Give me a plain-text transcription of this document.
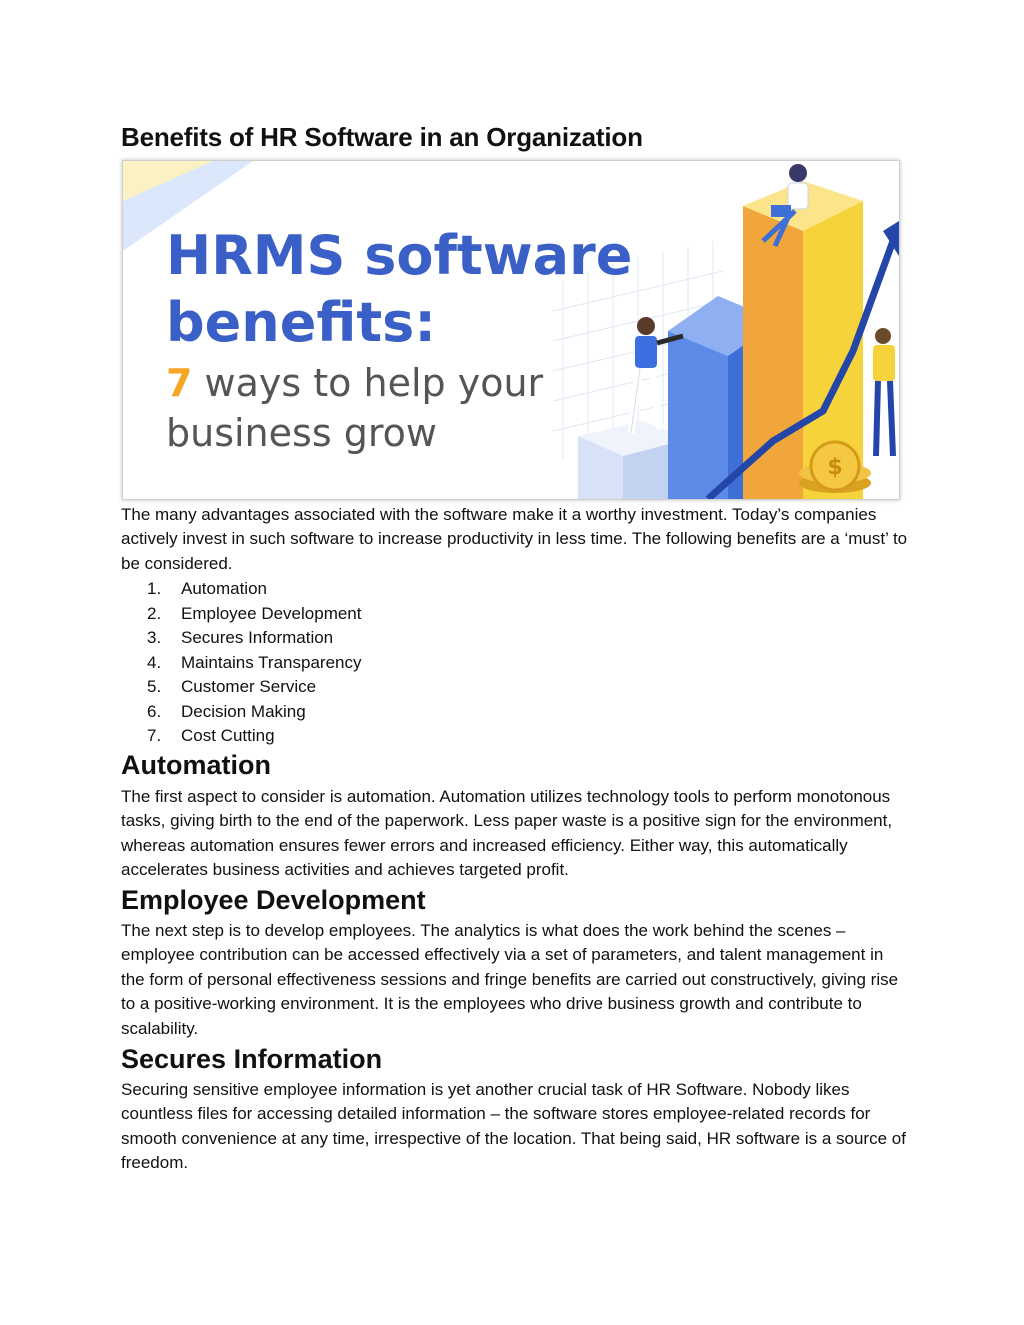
Benefits of HR Software in an Organization
$
HRMS software
benefits:
7 ways to help your
business grow

The many advantages associated with the software make it a worthy investment. Today’s companies actively invest in such software to increase productivity in less time. The following benefits are a ‘must’ to be considered.

1. Automation
2. Employee Development
3. Secures Information
4. Maintains Transparency
5. Customer Service
6. Decision Making
7. Cost Cutting
Automation

The first aspect to consider is automation. Automation utilizes technology tools to perform monotonous tasks, giving birth to the end of the paperwork. Less paper waste is a positive sign for the environment, whereas automation ensures fewer errors and increased efficiency. Either way, this automatically accelerates business activities and achieves targeted profit.

Employee Development

The next step is to develop employees. The analytics is what does the work behind the scenes – employee contribution can be accessed effectively via a set of parameters, and talent management in the form of personal effectiveness sessions and fringe benefits are carried out constructively, giving rise to a positive-working environment. It is the employees who drive business growth and contribute to scalability.

Secures Information

Securing sensitive employee information is yet another crucial task of HR Software. Nobody likes countless files for accessing detailed information – the software stores employee-related records for smooth convenience at any time, irrespective of the location. That being said, HR software is a source of freedom.
